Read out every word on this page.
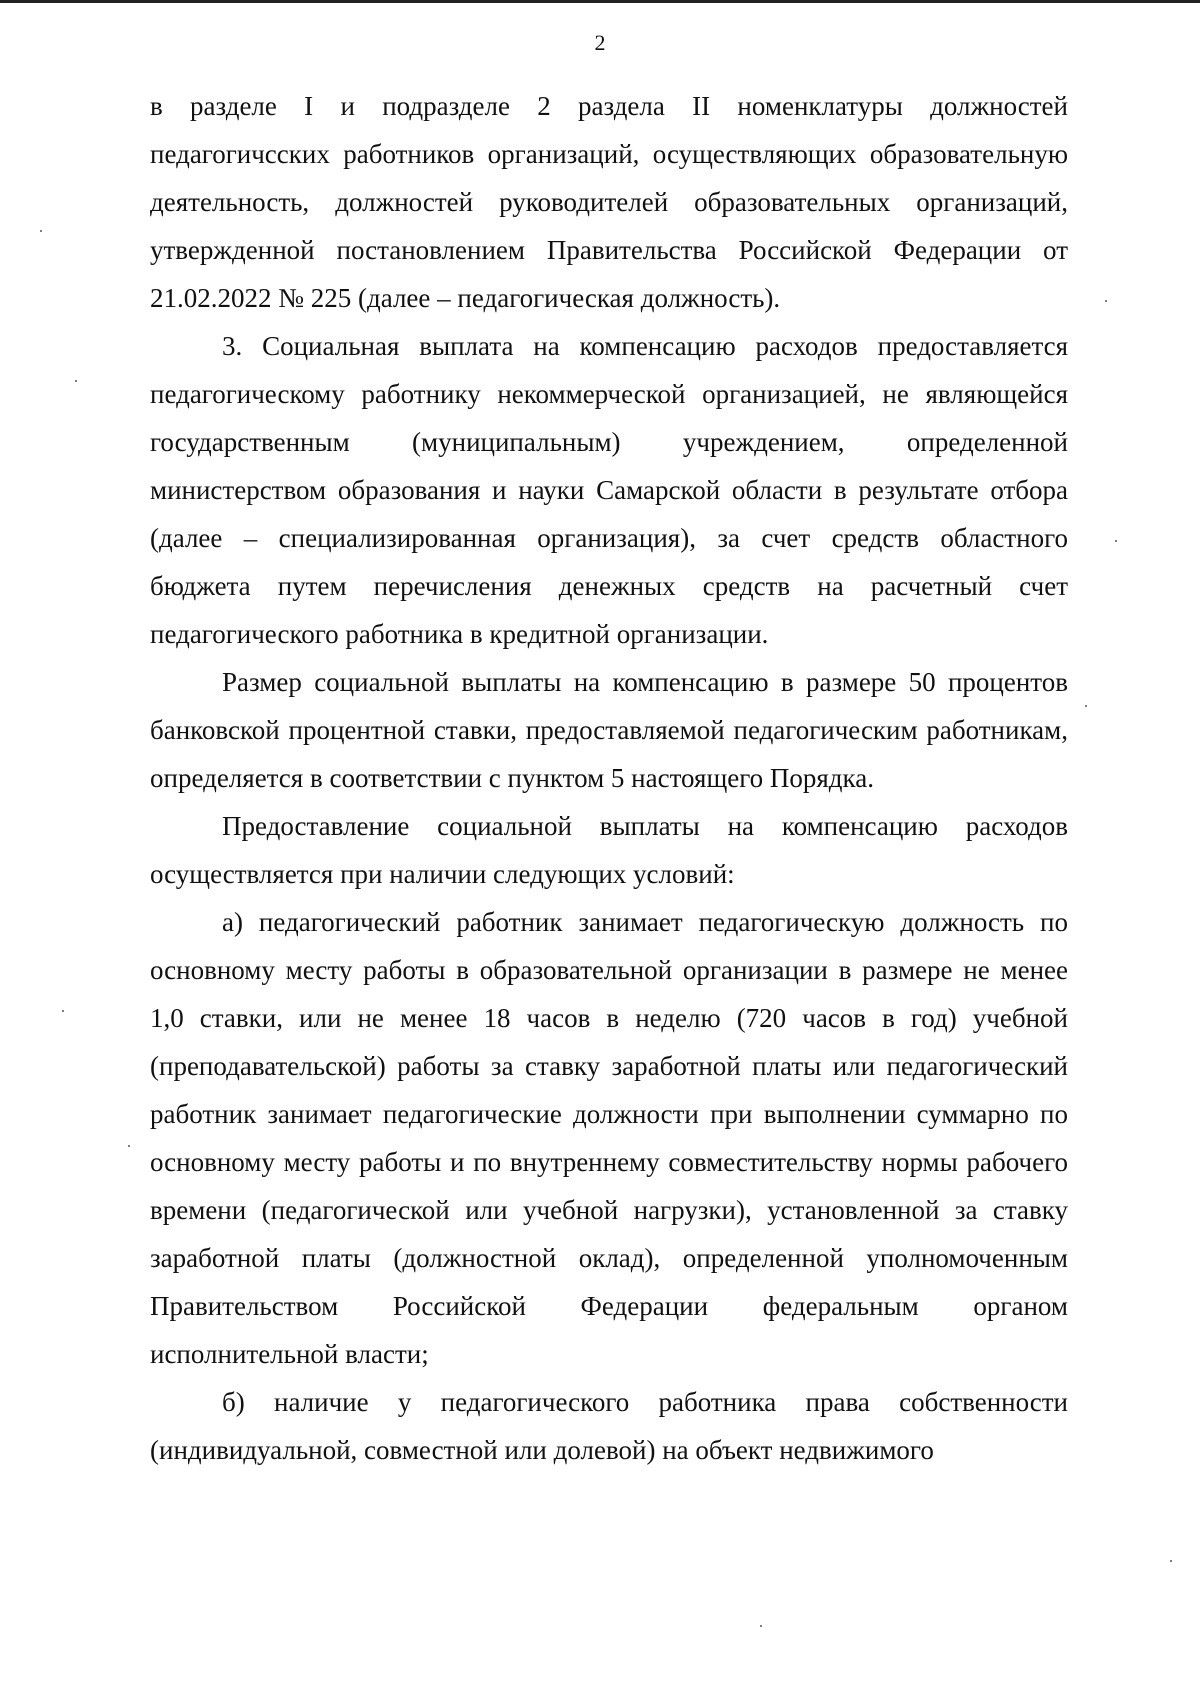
2

в разделе I и подразделе 2 раздела II номенклатуры должностей педагогичсских работников организаций, осуществляющих образовательную деятельность, должностей руководителей образовательных организаций, утвержденной постановлением Правительства Российской Федерации от 21.02.2022 № 225 (далее – педагогическая должность).

3. Социальная выплата на компенсацию расходов предоставляется педагогическому работнику некоммерческой организацией, не являющейся государственным (муниципальным) учреждением, определенной министерством образования и науки Самарской области в результате отбора (далее – специализированная организация), за счет средств областного бюджета путем перечисления денежных средств на расчетный счет педагогического работника в кредитной организации.

Размер социальной выплаты на компенсацию в размере 50 процентов банковской процентной ставки, предоставляемой педагогическим работникам, определяется в соответствии с пунктом 5 настоящего Порядка.

Предоставление социальной выплаты на компенсацию расходов осуществляется при наличии следующих условий:

а) педагогический работник занимает педагогическую должность по основному месту работы в образовательной организации в размере не менее 1,0 ставки, или не менее 18 часов в неделю (720 часов в год) учебной (преподавательской) работы за ставку заработной платы или педагогический работник занимает педагогические должности при выполнении суммарно по основному месту работы и по внутреннему совместительству нормы рабочего времени (педагогической или учебной нагрузки), установленной за ставку заработной платы (должностной оклад), определенной уполномоченным Правительством Российской Федерации федеральным органом исполнительной власти;

б) наличие у педагогического работника права собственности (индивидуальной, совместной или долевой) на объект недвижимого
